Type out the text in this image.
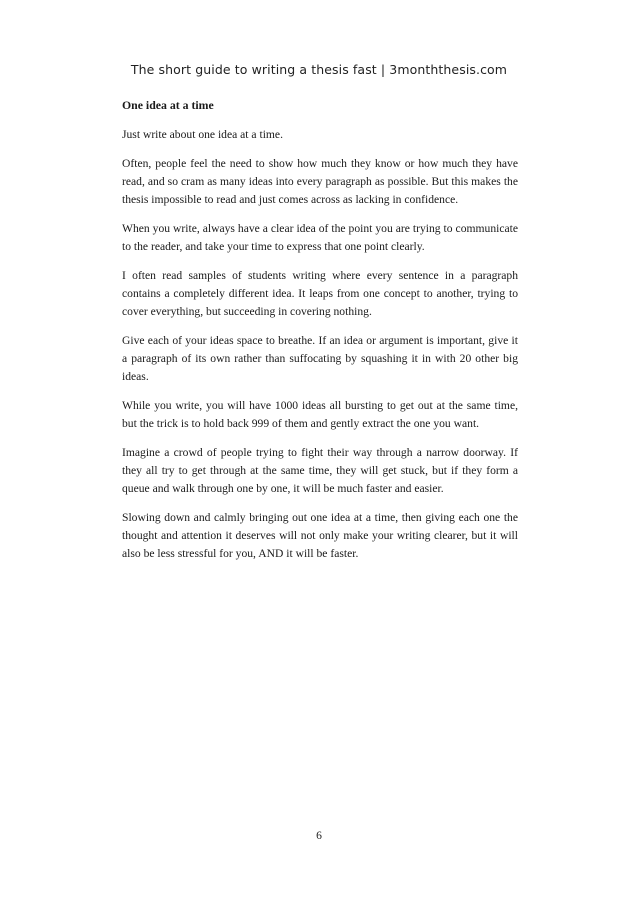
The short guide to writing a thesis fast | 3monththesis.com

One idea at a time

Just write about one idea at a time.

Often, people feel the need to show how much they know or how much they have read, and so cram as many ideas into every paragraph as possible. But this makes the thesis impossible to read and just comes across as lacking in confidence.

When you write, always have a clear idea of the point you are trying to communicate to the reader, and take your time to express that one point clearly.

I often read samples of students writing where every sentence in a paragraph contains a completely different idea. It leaps from one concept to another, trying to cover everything, but succeeding in covering nothing.

Give each of your ideas space to breathe. If an idea or argument is important, give it a paragraph of its own rather than suffocating by squashing it in with 20 other big ideas.

While you write, you will have 1000 ideas all bursting to get out at the same time, but the trick is to hold back 999 of them and gently extract the one you want.

Imagine a crowd of people trying to fight their way through a narrow doorway. If they all try to get through at the same time, they will get stuck, but if they form a queue and walk through one by one, it will be much faster and easier.

Slowing down and calmly bringing out one idea at a time, then giving each one the thought and attention it deserves will not only make your writing clearer, but it will also be less stressful for you, AND it will be faster.

6
